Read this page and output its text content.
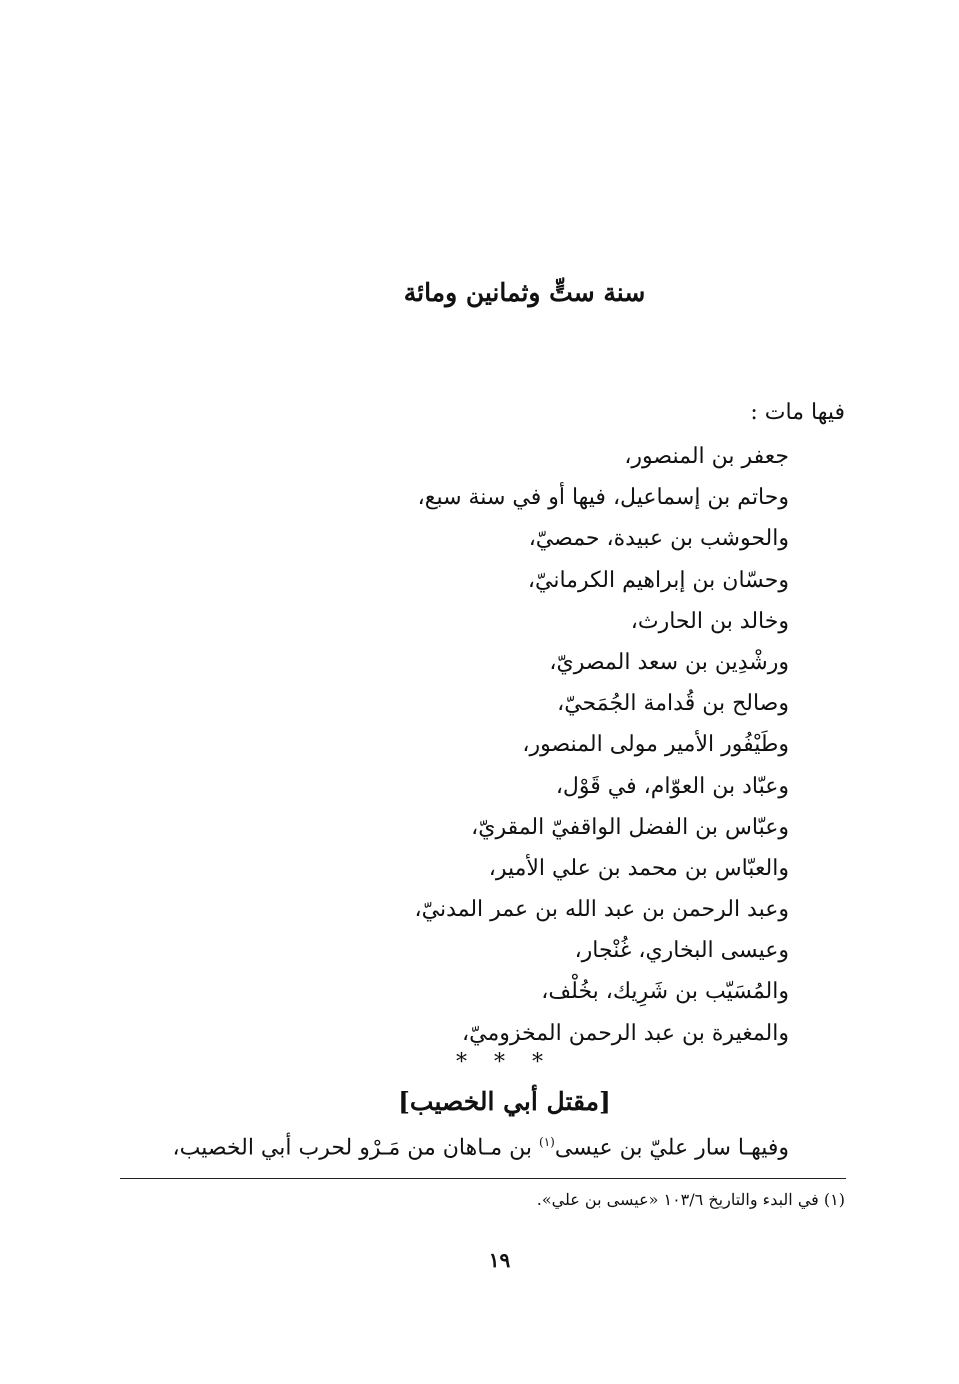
سنة ستٍّ وثمانين ومائة
فيها مات :
جعفر بن المنصور،
وحاتم بن إسماعيل، فيها أو في سنة سبع،
والحوشب بن عبيدة، حمصيّ،
وحسّان بن إبراهيم الكرمانيّ،
وخالد بن الحارث،
ورشْدِين بن سعد المصريّ،
وصالح بن قُدامة الجُمَحيّ،
وطَيْفُور الأمير مولى المنصور،
وعبّاد بن العوّام، في قَوْل،
وعبّاس بن الفضل الواقفيّ المقريّ،
والعبّاس بن محمد بن علي الأمير،
وعبد الرحمن بن عبد الله بن عمر المدنيّ،
وعيسى البخاري، غُنْجار،
والمُسَيّب بن شَرِيك، بخُلْف،
والمغيرة بن عبد الرحمن المخزوميّ،
* * *
[مقتل أبي الخصيب]
وفيهـا سار عليّ بن عيسى$^{(١)}$ بن مـاهان من مَـرْو لحرب أبي الخصيب،
(١) في البدء والتاريخ ١٠٣/٦ «عيسى بن علي».
١٩
